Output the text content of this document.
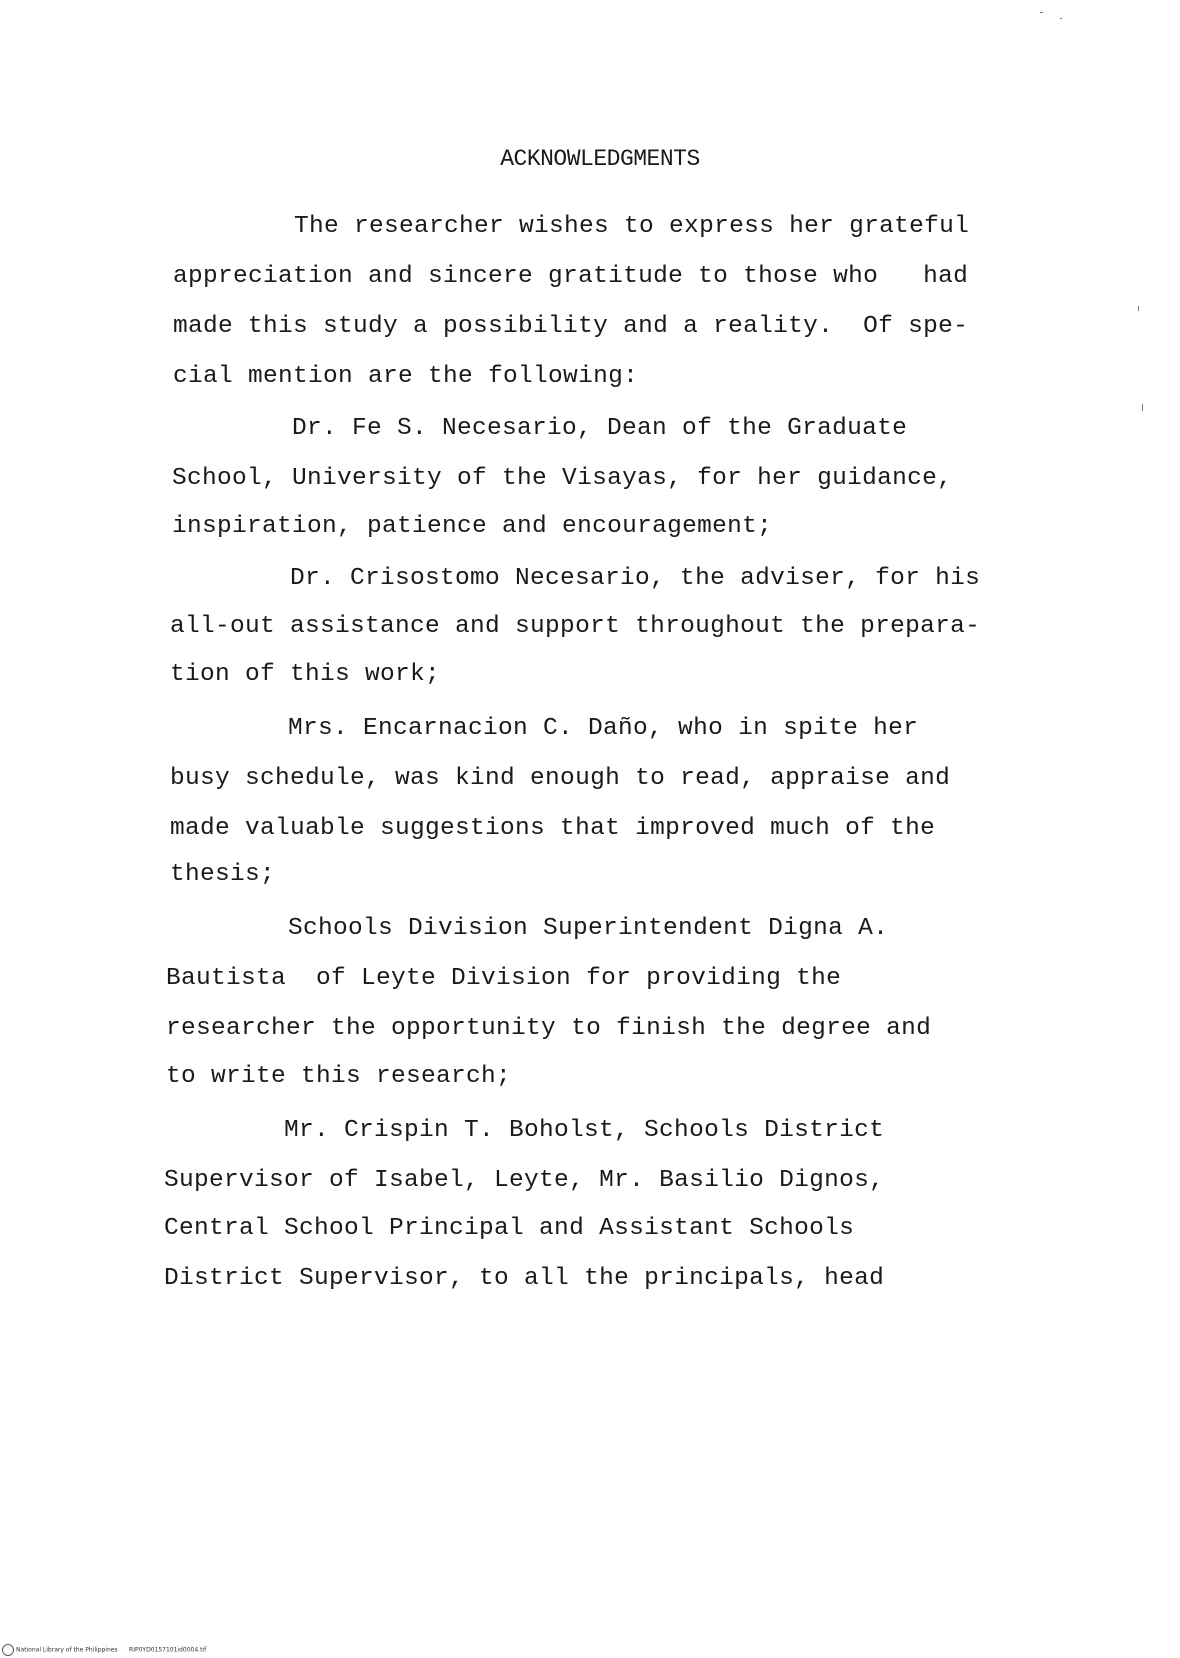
ACKNOWLEDGMENTS
The researcher wishes to express her grateful
appreciation and sincere gratitude to those who   had
made this study a possibility and a reality.  Of spe-
cial mention are the following:
Dr. Fe S. Necesario, Dean of the Graduate
School, University of the Visayas, for her guidance,
inspiration, patience and encouragement;
Dr. Crisostomo Necesario, the adviser, for his
all-out assistance and support throughout the prepara-
tion of this work;
Mrs. Encarnacion C. Daño, who in spite her
busy schedule, was kind enough to read, appraise and
made valuable suggestions that improved much of the
thesis;
Schools Division Superintendent Digna A.
Bautista  of Leyte Division for providing the
researcher the opportunity to finish the degree and
to write this research;
Mr. Crispin T. Boholst, Schools District
Supervisor of Isabel, Leyte, Mr. Basilio Dignos,
Central School Principal and Assistant Schools
District Supervisor, to all the principals, head
National Library of the Philippines RIP0YD0157101id0004.tif
